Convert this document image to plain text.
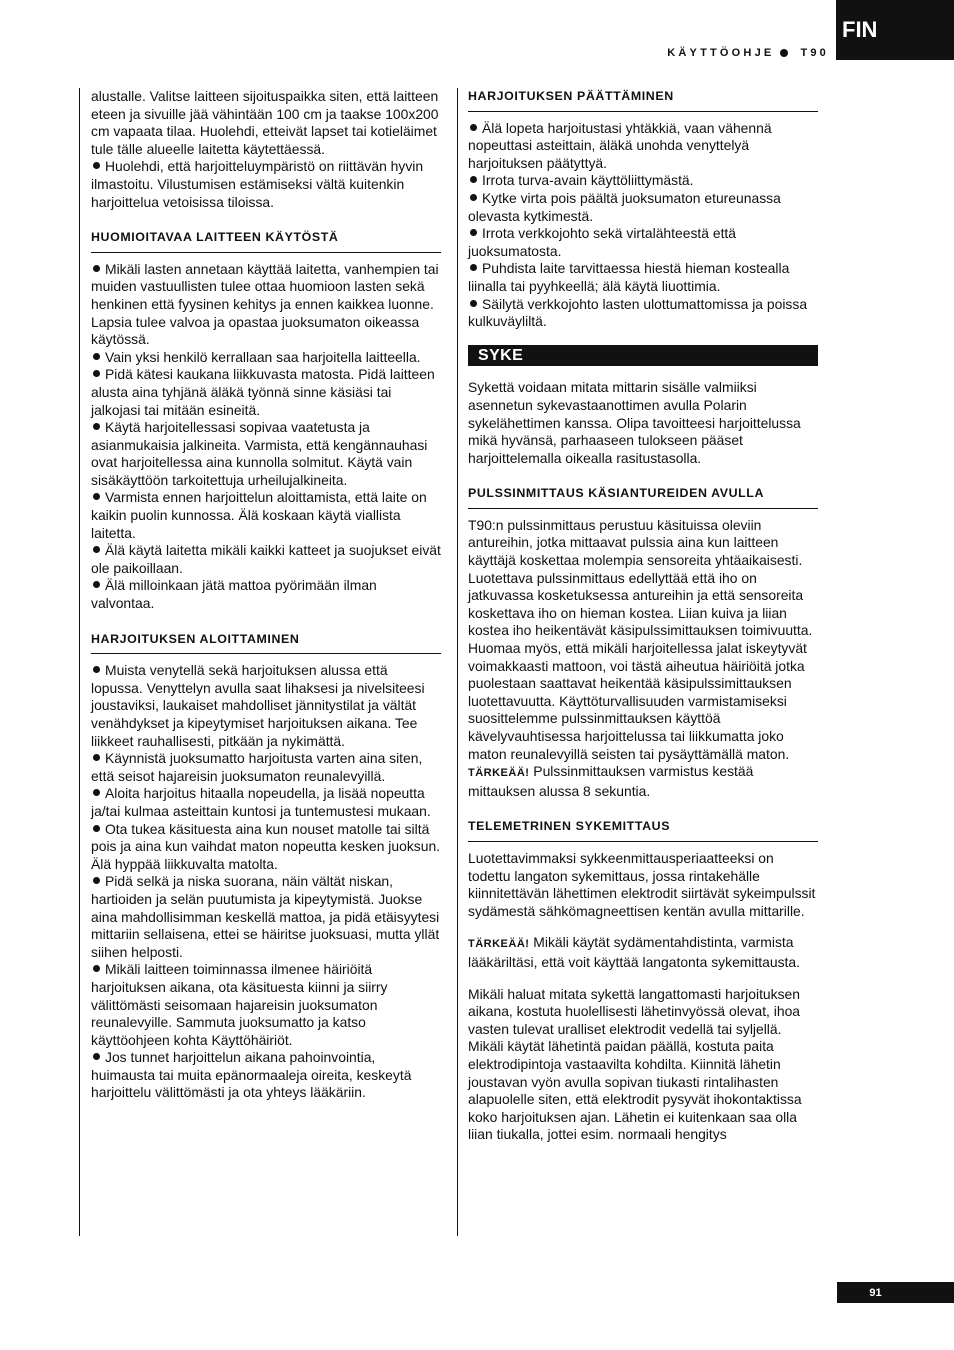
KÄYTTÖOHJE T90
FIN

alustalle. Valitse laitteen sijoituspaikka siten, että laitteen eteen ja sivuille jää vähintään 100 cm ja taakse 100x200 cm vapaata tilaa. Huolehdi, etteivät lapset tai kotieläimet tule tälle alueelle laitetta käytettäessä.

Huolehdi, että harjoitteluympäristö on riittävän hyvin ilmastoitu. Vilustumisen estämiseksi vältä kuitenkin harjoittelua vetoisissa tiloissa.

HUOMIOITAVAA LAITTEEN KÄYTÖSTÄ

Mikäli lasten annetaan käyttää laitetta, vanhempien tai muiden vastuullisten tulee ottaa huomioon lasten sekä henkinen että fyysinen kehitys ja ennen kaikkea luonne. Lapsia tulee valvoa ja opastaa juoksumaton oikeassa käytössä.

Vain yksi henkilö kerrallaan saa harjoitella laitteella.

Pidä kätesi kaukana liikkuvasta matosta. Pidä laitteen alusta aina tyhjänä äläkä työnnä sinne käsiäsi tai jalkojasi tai mitään esineitä.

Käytä harjoitellessasi sopivaa vaatetusta ja asianmukaisia jalkineita. Varmista, että kengännauhasi ovat harjoitellessa aina kunnolla solmitut. Käytä vain sisäkäyttöön tarkoitettuja urheilujalkineita.

Varmista ennen harjoittelun aloittamista, että laite on kaikin puolin kunnossa. Älä koskaan käytä viallista laitetta.

Älä käytä laitetta mikäli kaikki katteet ja suojukset eivät ole paikoillaan.

Älä milloinkaan jätä mattoa pyörimään ilman valvontaa.

HARJOITUKSEN ALOITTAMINEN

Muista venytellä sekä harjoituksen alussa että lopussa. Venyttelyn avulla saat lihaksesi ja nivelsiteesi joustaviksi, laukaiset mahdolliset jännitystilat ja vältät venähdykset ja kipeytymiset harjoituksen aikana. Tee liikkeet rauhallisesti, pitkään ja nykimättä.

Käynnistä juoksumatto harjoitusta varten aina siten, että seisot hajareisin juoksumaton reunalevyillä.

Aloita harjoitus hitaalla nopeudella, ja lisää nopeutta ja/tai kulmaa asteittain kuntosi ja tuntemustesi mukaan.

Ota tukea käsituesta aina kun nouset matolle tai siltä pois ja aina kun vaihdat maton nopeutta kesken juoksun. Älä hyppää liikkuvalta matolta.

Pidä selkä ja niska suorana, näin vältät niskan, hartioiden ja selän puutumista ja kipeytymistä. Juokse aina mahdollisimman keskellä mattoa, ja pidä etäisyytesi mittariin sellaisena, ettei se häiritse juoksuasi, mutta yllät siihen helposti.

Mikäli laitteen toiminnassa ilmenee häiriöitä harjoituksen aikana, ota käsituesta kiinni ja siirry välittömästi seisomaan hajareisin juoksumaton reunalevyille. Sammuta juoksumatto ja katso käyttöohjeen kohta Käyttöhäiriöt.

Jos tunnet harjoittelun aikana pahoinvointia, huimausta tai muita epänormaaleja oireita, keskeytä harjoittelu välittömästi ja ota yhteys lääkäriin.

HARJOITUKSEN PÄÄTTÄMINEN

Älä lopeta harjoitustasi yhtäkkiä, vaan vähennä nopeuttasi asteittain, äläkä unohda venyttelyä harjoituksen päätyttyä.

Irrota turva-avain käyttöliittymästä.

Kytke virta pois päältä juoksumaton etureunassa olevasta kytkimestä.

Irrota verkkojohto sekä virtalähteestä että juoksumatosta.

Puhdista laite tarvittaessa hiestä hieman kostealla liinalla tai pyyhkeellä; älä käytä liuottimia.

Säilytä verkkojohto lasten ulottumattomissa ja poissa kulkuväyliltä.

SYKE

Sykettä voidaan mitata mittarin sisälle valmiiksi asennetun sykevastaanottimen avulla Polarin sykelähettimen kanssa. Olipa tavoitteesi harjoittelussa mikä hyvänsä, parhaaseen tulokseen pääset harjoittelemalla oikealla rasitustasolla.

PULSSINMITTAUS KÄSIANTUREIDEN AVULLA

T90:n pulssinmittaus perustuu käsituissa oleviin antureihin, jotka mittaavat pulssia aina kun laitteen käyttäjä koskettaa molempia sensoreita yhtäaikaisesti. Luotettava pulssinmittaus edellyttää että iho on jatkuvassa kosketuksessa antureihin ja että sensoreita koskettava iho on hieman kostea. Liian kuiva ja liian kostea iho heikentävät käsipulssimittauksen toimivuutta. Huomaa myös, että mikäli harjoitellessa jalat iskeytyvät voimakkaasti mattoon, voi tästä aiheutua häiriöitä jotka puolestaan saattavat heikentää käsipulssimittauksen luotettavuutta. Käyttöturvallisuuden varmistamiseksi suosittelemme pulssinmittauksen käyttöä kävelyvauhtisessa harjoittelussa tai liikkumatta joko maton reunalevyillä seisten tai pysäyttämällä maton.

TÄRKEÄÄ! Pulssinmittauksen varmistus kestää mittauksen alussa 8 sekuntia.

TELEMETRINEN SYKEMITTAUS

Luotettavimmaksi sykkeenmittausperiaatteeksi on todettu langaton sykemittaus, jossa rintakehälle kiinnitettävän lähettimen elektrodit siirtävät sykeimpulssit sydämestä sähkömagneettisen kentän avulla mittarille.

TÄRKEÄÄ! Mikäli käytät sydämentahdistinta, varmista lääkäriltäsi, että voit käyttää langatonta sykemittausta.

Mikäli haluat mitata sykettä langattomasti harjoituksen aikana, kostuta huolellisesti lähetinvyössä olevat, ihoa vasten tulevat uralliset elektrodit vedellä tai syljellä. Mikäli käytät lähetintä paidan päällä, kostuta paita elektrodipintoja vastaavilta kohdilta. Kiinnitä lähetin joustavan vyön avulla sopivan tiukasti rintalihasten alapuolelle siten, että elektrodit pysyvät ihokontaktissa koko harjoituksen ajan. Lähetin ei kuitenkaan saa olla liian tiukalla, jottei esim. normaali hengitys

91
